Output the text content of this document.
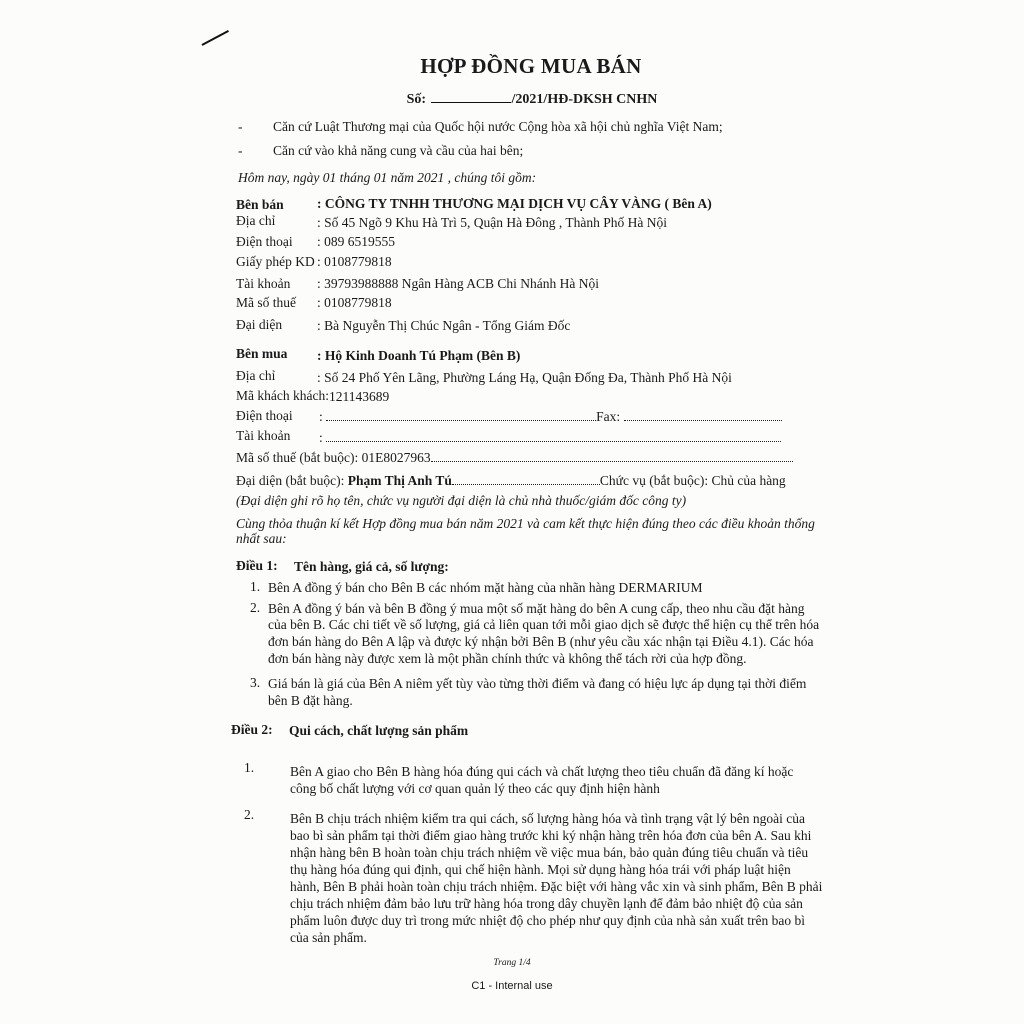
HỢP ĐỒNG MUA BÁN
Số:	/2021/HĐ-DKSH CNHN
- Căn cứ Luật Thương mại của Quốc hội nước Cộng hòa xã hội chủ nghĩa Việt Nam;
- Căn cứ vào khả năng cung và cầu của hai bên;
Hôm nay, ngày 01 tháng 01 năm 2021 , chúng tôi gồm:
Bên bán : CÔNG TY TNHH THƯƠNG MẠI DỊCH VỤ CÂY VÀNG ( Bên A)
Địa chỉ	: Số 45 Ngõ 9 Khu Hà Trì 5, Quận Hà Đông , Thành Phố Hà Nội
Điện thoại : 089 6519555
Giấy phép KD : 0108779818
Tài khoản : 39793988888 Ngân Hàng ACB Chi Nhánh Hà Nội
Mã số thuế : 0108779818
Đại diện	: Bà Nguyễn Thị Chúc Ngân - Tổng Giám Đốc
Bên mua : Hộ Kinh Doanh Tú Phạm (Bên B)
Địa chỉ	: Số 24 Phố Yên Lãng, Phường Láng Hạ, Quận Đống Đa, Thành Phố Hà Nội
Mã khách khách: 121143689
Điện thoại :	Fax:
Tài khoản :
Mã số thuế (bắt buộc): 01E8027963
Đại diện (bắt buộc): Phạm Thị Anh Tú	Chức vụ (bắt buộc): Chủ của hàng
(Đại diện ghi rõ họ tên, chức vụ người đại diện là chủ nhà thuốc/giám đốc công ty)
Cùng thỏa thuận kí kết Hợp đồng mua bán năm 2021 và cam kết thực hiện đúng theo các điều khoản thống
nhất sau:
Điều 1: Tên hàng, giá cả, số lượng:
1. Bên A đồng ý bán cho Bên B các nhóm mặt hàng của nhãn hàng DERMARIUM
2. Bên A đồng ý bán và bên B đồng ý mua một số mặt hàng do bên A cung cấp, theo nhu cầu đặt hàng
của bên B. Các chi tiết về số lượng, giá cả liên quan tới mỗi giao dịch sẽ được thể hiện cụ thể trên hóa
đơn bán hàng do Bên A lập và được ký nhận bởi Bên B (như yêu cầu xác nhận tại Điều 4.1). Các hóa
đơn bán hàng này được xem là một phần chính thức và không thể tách rời của hợp đồng.
3. Giá bán là giá của Bên A niêm yết tùy vào từng thời điểm và đang có hiệu lực áp dụng tại thời điểm
bên B đặt hàng.
Điều 2: Qui cách, chất lượng sản phẩm
1.	Bên A giao cho Bên B hàng hóa đúng qui cách và chất lượng theo tiêu chuẩn đã đăng kí hoặc
công bố chất lượng với cơ quan quản lý theo các quy định hiện hành
2.	Bên B chịu trách nhiệm kiểm tra qui cách, số lượng hàng hóa và tình trạng vật lý bên ngoài của
bao bì sản phẩm tại thời điểm giao hàng trước khi ký nhận hàng trên hóa đơn của bên A. Sau khi
nhận hàng bên B hoàn toàn chịu trách nhiệm về việc mua bán, bảo quản đúng tiêu chuẩn và tiêu
thụ hàng hóa đúng qui định, qui chế hiện hành. Mọi sử dụng hàng hóa trái với pháp luật hiện
hành, Bên B phải hoàn toàn chịu trách nhiệm. Đặc biệt với hàng vắc xin và sinh phẩm, Bên B phải
chịu trách nhiệm đảm bảo lưu trữ hàng hóa trong dây chuyền lạnh để đảm bảo nhiệt độ của sản
phẩm luôn được duy trì trong mức nhiệt độ cho phép như quy định của nhà sản xuất trên bao bì
của sản phẩm.
Trang 1/4
C1 - Internal use
